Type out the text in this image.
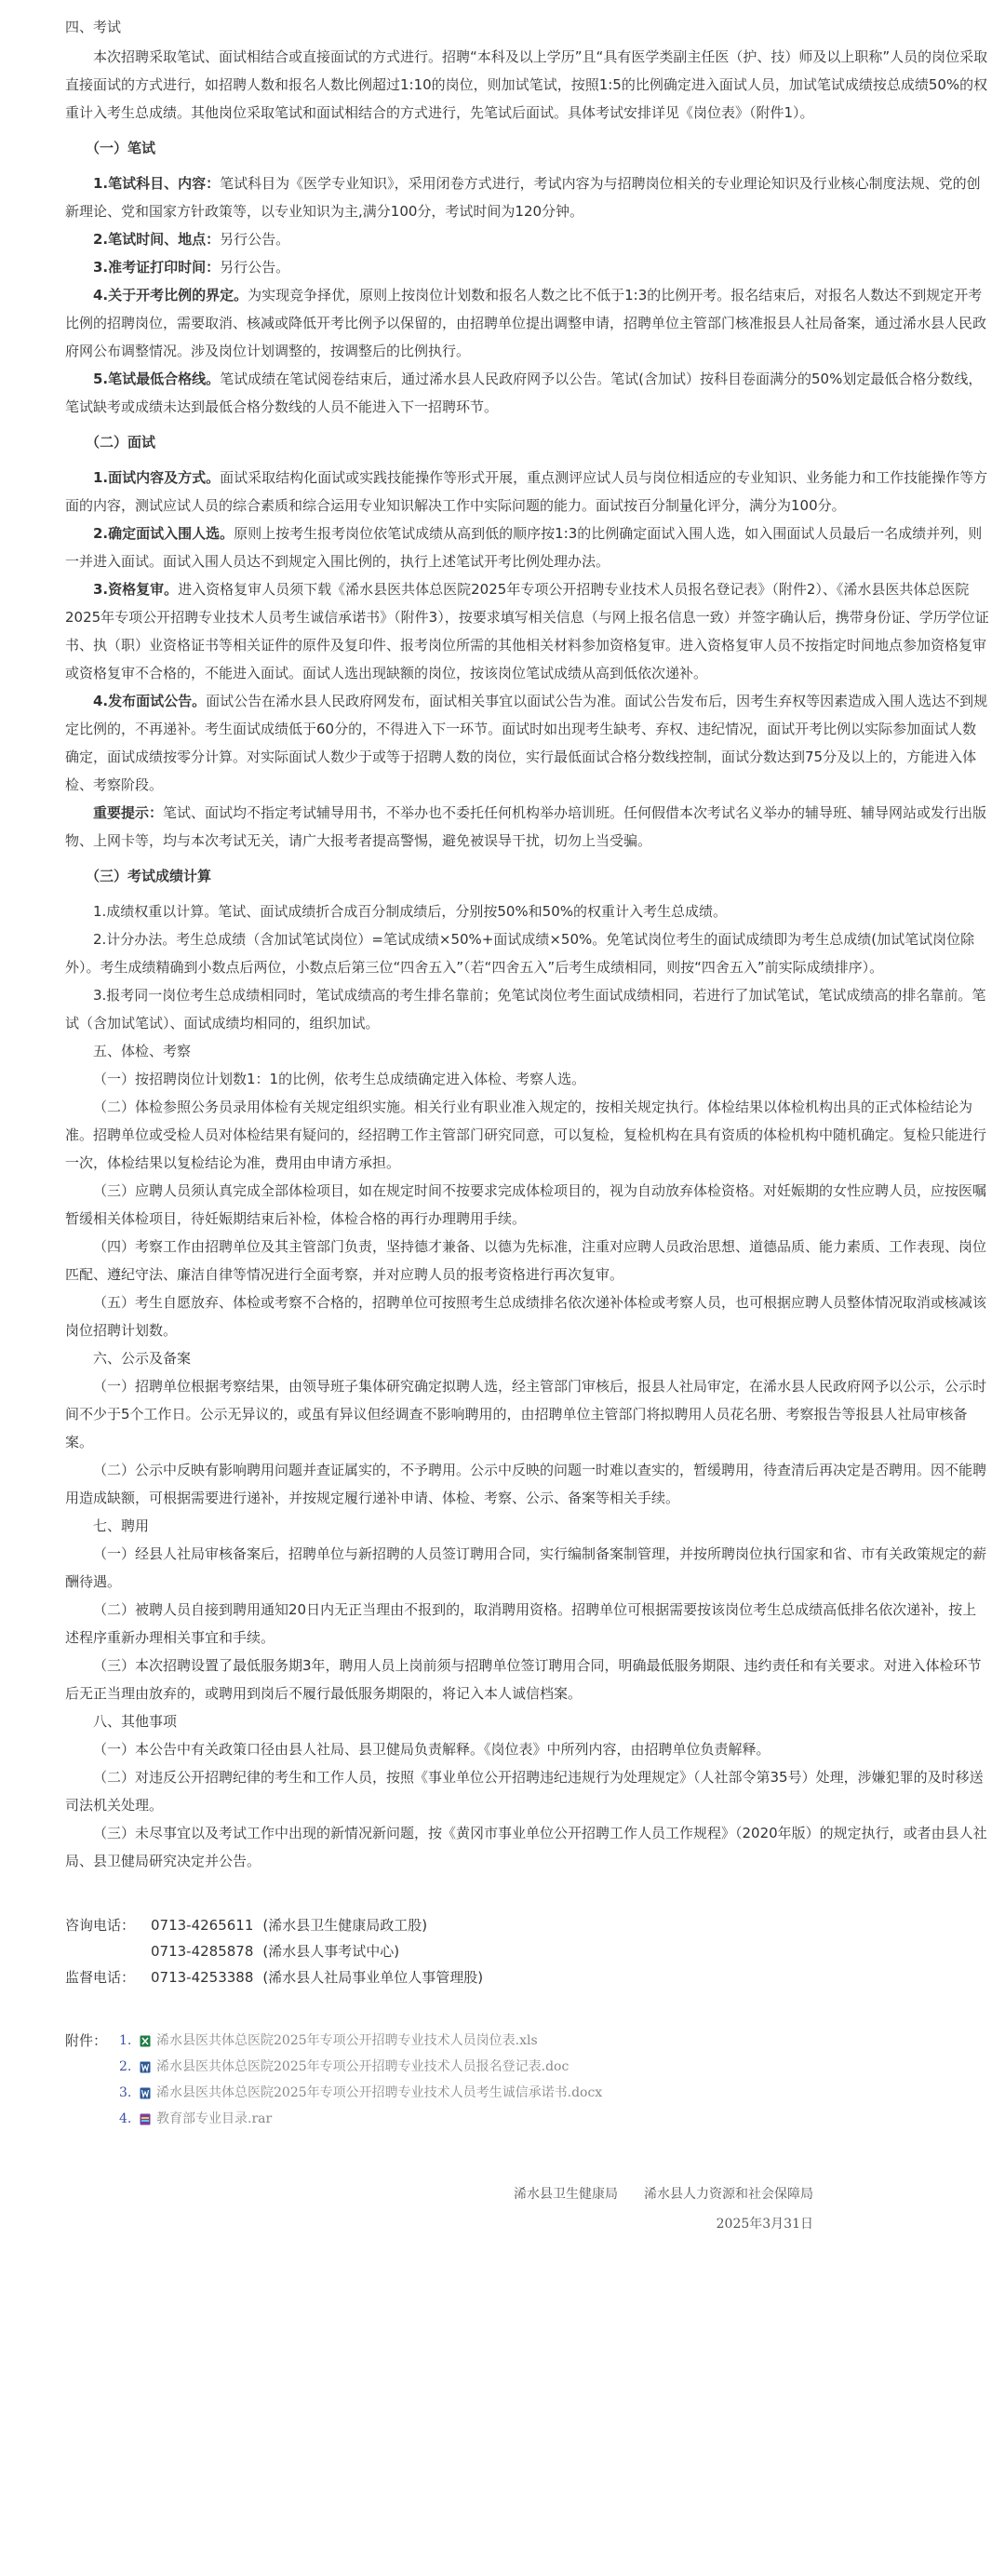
四、考试

本次招聘采取笔试、面试相结合或直接面试的方式进行。招聘“本科及以上学历”且“具有医学类副主任医（护、技）师及以上职称”人员的岗位采取直接面试的方式进行，如招聘人数和报名人数比例超过1:10的岗位，则加试笔试，按照1:5的比例确定进入面试人员，加试笔试成绩按总成绩50%的权重计入考生总成绩。其他岗位采取笔试和面试相结合的方式进行，先笔试后面试。具体考试安排详见《岗位表》（附件1）。

（一）笔试

1.笔试科目、内容：笔试科目为《医学专业知识》，采用闭卷方式进行，考试内容为与招聘岗位相关的专业理论知识及行业核心制度法规、党的创新理论、党和国家方针政策等，以专业知识为主,满分100分，考试时间为120分钟。

2.笔试时间、地点：另行公告。

3.准考证打印时间：另行公告。

4.关于开考比例的界定。为实现竞争择优，原则上按岗位计划数和报名人数之比不低于1:3的比例开考。报名结束后，对报名人数达不到规定开考比例的招聘岗位，需要取消、核减或降低开考比例予以保留的，由招聘单位提出调整申请，招聘单位主管部门核准报县人社局备案，通过浠水县人民政府网公布调整情况。涉及岗位计划调整的，按调整后的比例执行。

5.笔试最低合格线。笔试成绩在笔试阅卷结束后，通过浠水县人民政府网予以公告。笔试(含加试）按科目卷面满分的50%划定最低合格分数线，笔试缺考或成绩未达到最低合格分数线的人员不能进入下一招聘环节。

（二）面试

1.面试内容及方式。面试采取结构化面试或实践技能操作等形式开展，重点测评应试人员与岗位相适应的专业知识、业务能力和工作技能操作等方面的内容，测试应试人员的综合素质和综合运用专业知识解决工作中实际问题的能力。面试按百分制量化评分，满分为100分。

2.确定面试入围人选。原则上按考生报考岗位依笔试成绩从高到低的顺序按1:3的比例确定面试入围人选，如入围面试人员最后一名成绩并列，则一并进入面试。面试入围人员达不到规定入围比例的，执行上述笔试开考比例处理办法。

3.资格复审。进入资格复审人员须下载《浠水县医共体总医院2025年专项公开招聘专业技术人员报名登记表》（附件2）、《浠水县医共体总医院2025年专项公开招聘专业技术人员考生诚信承诺书》（附件3），按要求填写相关信息（与网上报名信息一致）并签字确认后，携带身份证、学历学位证书、执（职）业资格证书等相关证件的原件及复印件、报考岗位所需的其他相关材料参加资格复审。进入资格复审人员不按指定时间地点参加资格复审或资格复审不合格的，不能进入面试。面试人选出现缺额的岗位，按该岗位笔试成绩从高到低依次递补。

4.发布面试公告。面试公告在浠水县人民政府网发布，面试相关事宜以面试公告为准。面试公告发布后，因考生弃权等因素造成入围人选达不到规定比例的，不再递补。考生面试成绩低于60分的，不得进入下一环节。面试时如出现考生缺考、弃权、违纪情况，面试开考比例以实际参加面试人数确定，面试成绩按零分计算。对实际面试人数少于或等于招聘人数的岗位，实行最低面试合格分数线控制，面试分数达到75分及以上的，方能进入体检、考察阶段。

重要提示：笔试、面试均不指定考试辅导用书，不举办也不委托任何机构举办培训班。任何假借本次考试名义举办的辅导班、辅导网站或发行出版物、上网卡等，均与本次考试无关，请广大报考者提高警惕，避免被误导干扰，切勿上当受骗。

（三）考试成绩计算

1.成绩权重以计算。笔试、面试成绩折合成百分制成绩后，分别按50%和50%的权重计入考生总成绩。

2.计分办法。考生总成绩（含加试笔试岗位）=笔试成绩×50%+面试成绩×50%。免笔试岗位考生的面试成绩即为考生总成绩(加试笔试岗位除外）。考生成绩精确到小数点后两位，小数点后第三位“四舍五入”（若“四舍五入”后考生成绩相同，则按“四舍五入”前实际成绩排序）。

3.报考同一岗位考生总成绩相同时，笔试成绩高的考生排名靠前；免笔试岗位考生面试成绩相同，若进行了加试笔试，笔试成绩高的排名靠前。笔试（含加试笔试）、面试成绩均相同的，组织加试。

五、体检、考察

（一）按招聘岗位计划数1：1的比例，依考生总成绩确定进入体检、考察人选。

（二）体检参照公务员录用体检有关规定组织实施。相关行业有职业准入规定的，按相关规定执行。体检结果以体检机构出具的正式体检结论为准。招聘单位或受检人员对体检结果有疑问的，经招聘工作主管部门研究同意，可以复检，复检机构在具有资质的体检机构中随机确定。复检只能进行一次，体检结果以复检结论为准，费用由申请方承担。

（三）应聘人员须认真完成全部体检项目，如在规定时间不按要求完成体检项目的，视为自动放弃体检资格。对妊娠期的女性应聘人员，应按医嘱暂缓相关体检项目，待妊娠期结束后补检，体检合格的再行办理聘用手续。

（四）考察工作由招聘单位及其主管部门负责，坚持德才兼备、以德为先标准，注重对应聘人员政治思想、道德品质、能力素质、工作表现、岗位匹配、遵纪守法、廉洁自律等情况进行全面考察，并对应聘人员的报考资格进行再次复审。

（五）考生自愿放弃、体检或考察不合格的，招聘单位可按照考生总成绩排名依次递补体检或考察人员，也可根据应聘人员整体情况取消或核减该岗位招聘计划数。

六、公示及备案

（一）招聘单位根据考察结果，由领导班子集体研究确定拟聘人选，经主管部门审核后，报县人社局审定，在浠水县人民政府网予以公示，公示时间不少于5个工作日。公示无异议的，或虽有异议但经调查不影响聘用的，由招聘单位主管部门将拟聘用人员花名册、考察报告等报县人社局审核备案。

（二）公示中反映有影响聘用问题并查证属实的，不予聘用。公示中反映的问题一时难以查实的，暂缓聘用，待查清后再决定是否聘用。因不能聘用造成缺额，可根据需要进行递补，并按规定履行递补申请、体检、考察、公示、备案等相关手续。

七、聘用

（一）经县人社局审核备案后，招聘单位与新招聘的人员签订聘用合同，实行编制备案制管理，并按所聘岗位执行国家和省、市有关政策规定的薪酬待遇。

（二）被聘人员自接到聘用通知20日内无正当理由不报到的，取消聘用资格。招聘单位可根据需要按该岗位考生总成绩高低排名依次递补，按上述程序重新办理相关事宜和手续。

（三）本次招聘设置了最低服务期3年，聘用人员上岗前须与招聘单位签订聘用合同，明确最低服务期限、违约责任和有关要求。对进入体检环节后无正当理由放弃的，或聘用到岗后不履行最低服务期限的，将记入本人诚信档案。

八、其他事项

（一）本公告中有关政策口径由县人社局、县卫健局负责解释。《岗位表》中所列内容，由招聘单位负责解释。

（二）对违反公开招聘纪律的考生和工作人员，按照《事业单位公开招聘违纪违规行为处理规定》（人社部令第35号）处理，涉嫌犯罪的及时移送司法机关处理。

（三）未尽事宜以及考试工作中出现的新情况新问题，按《黄冈市事业单位公开招聘工作人员工作规程》（2020年版）的规定执行，或者由县人社局、县卫健局研究决定并公告。

咨询电话：	0713-4265611 (浠水县卫生健康局政工股)
0713-4285878 (浠水县人事考试中心)
监督电话：	0713-4253388 (浠水县人社局事业单位人事管理股)
附件： 1.	浠水县医共体总医院2025年专项公开招聘专业技术人员岗位表.xls
2.	浠水县医共体总医院2025年专项公开招聘专业技术人员报名登记表.doc
3.	浠水县医共体总医院2025年专项公开招聘专业技术人员考生诚信承诺书.docx
4.	教育部专业目录.rar
浠水县卫生健康局 浠水县人力资源和社会保障局
2025年3月31日
